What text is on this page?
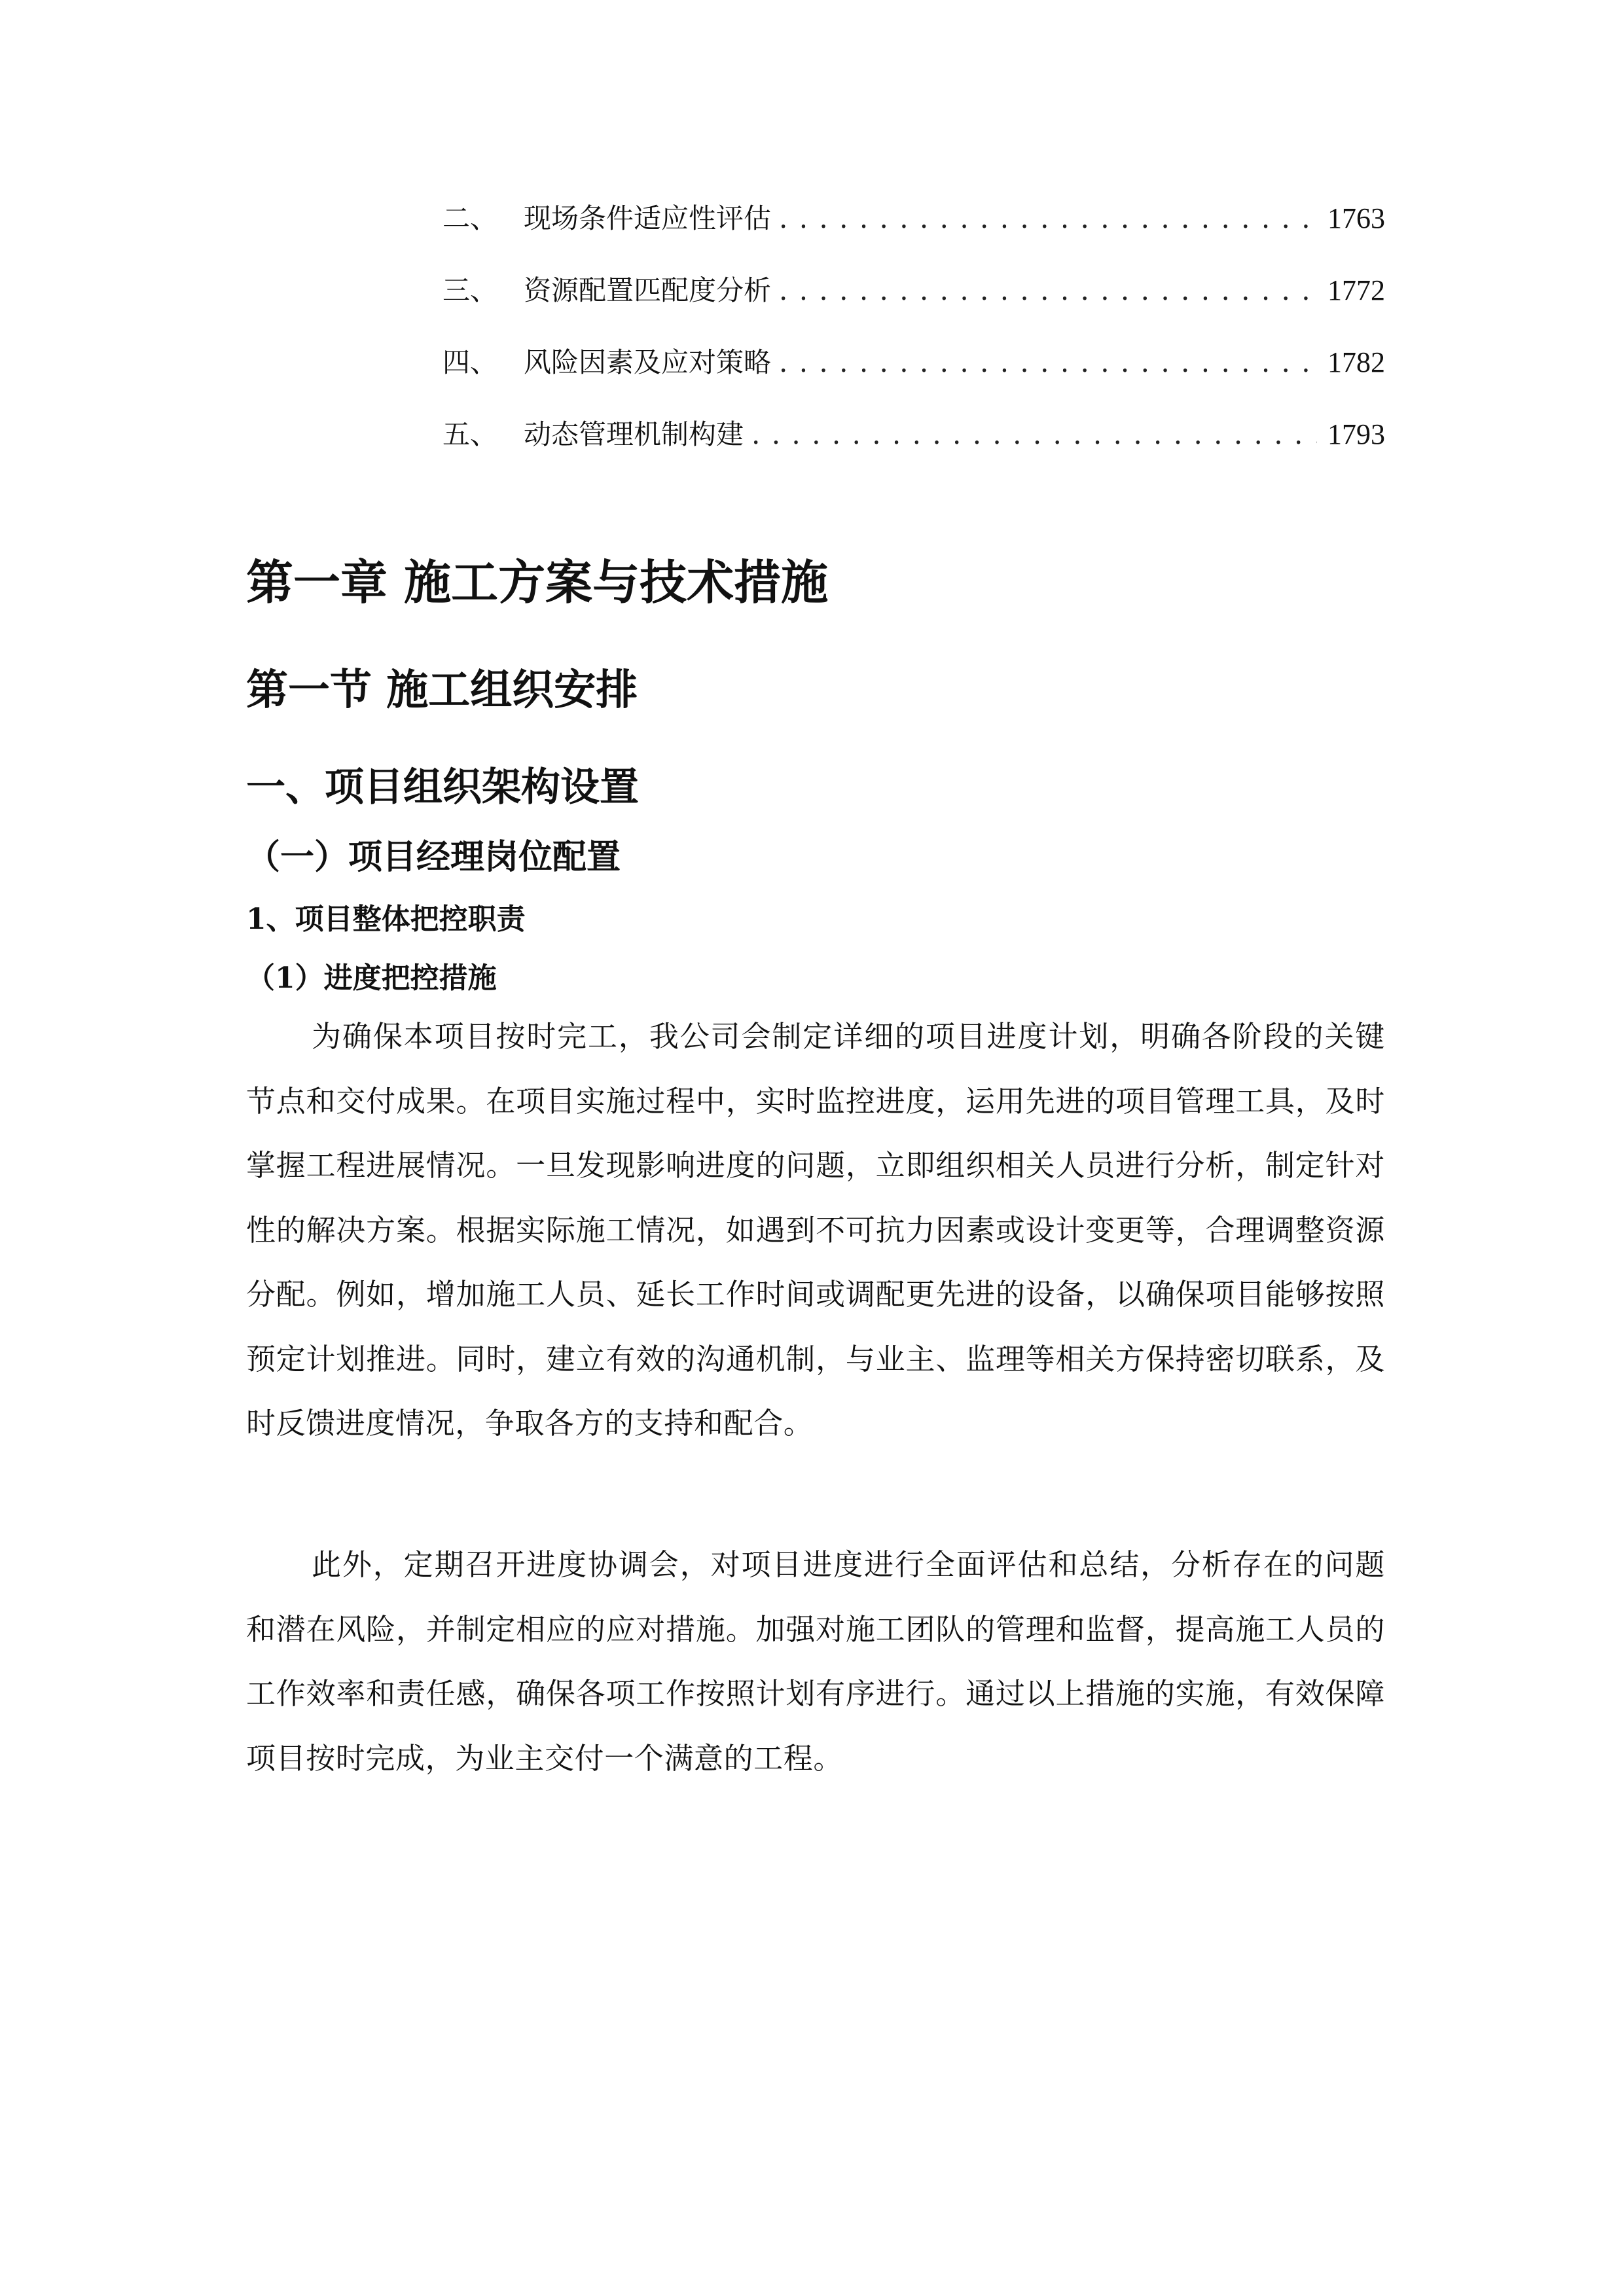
二、 现场条件适应性评估 . . .	1763
三、 资源配置匹配度分析 . . .	1772
四、 风险因素及应对策略 . . .	1782
五、 动态管理机制构建 . . .	1793
第一章 施工方案与技术措施
第一节 施工组织安排
一、项目组织架构设置
（一）项目经理岗位配置
1、项目整体把控职责
（1）进度把控措施

为确保本项目按时完工，我公司会制定详细的项目进度计划，明确各阶段的关键节点和交付成果。在项目实施过程中，实时监控进度，运用先进的项目管理工具，及时掌握工程进展情况。一旦发现影响进度的问题，立即组织相关人员进行分析，制定针对性的解决方案。根据实际施工情况，如遇到不可抗力因素或设计变更等，合理调整资源分配。例如，增加施工人员、延长工作时间或调配更先进的设备，以确保项目能够按照预定计划推进。同时，建立有效的沟通机制，与业主、监理等相关方保持密切联系，及时反馈进度情况，争取各方的支持和配合。

此外，定期召开进度协调会，对项目进度进行全面评估和总结，分析存在的问题和潜在风险，并制定相应的应对措施。加强对施工团队的管理和监督，提高施工人员的工作效率和责任感，确保各项工作按照计划有序进行。通过以上措施的实施，有效保障项目按时完成，为业主交付一个满意的工程。
